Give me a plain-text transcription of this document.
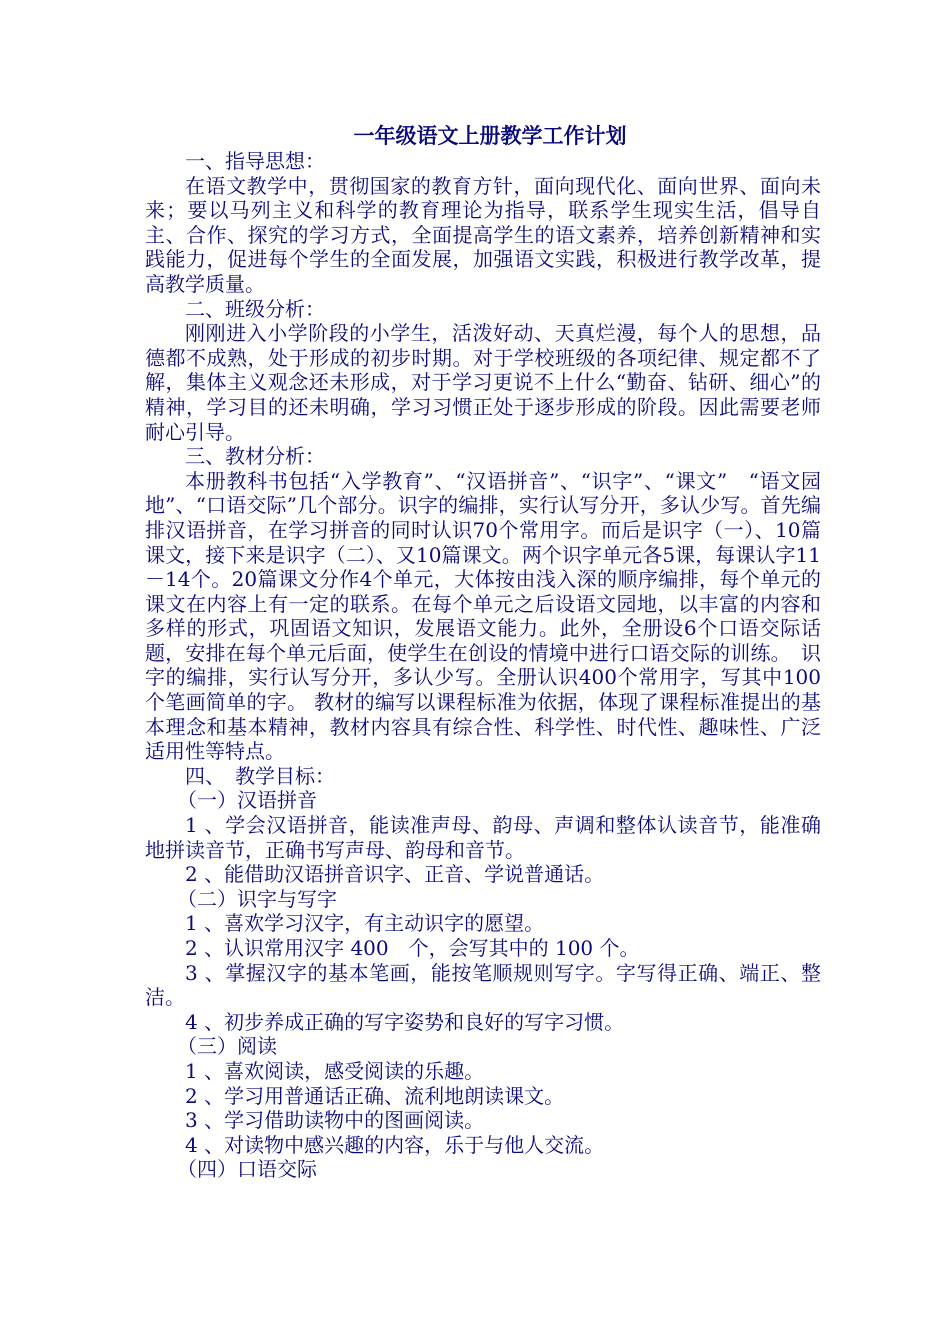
一年级语文上册教学工作计划

一、指导思想：

在语文教学中，贯彻国家的教育方针，面向现代化、面向世界、面向未来；要以马列主义和科学的教育理论为指导，联系学生现实生活，倡导自主、合作、探究的学习方式，全面提高学生的语文素养，培养创新精神和实践能力，促进每个学生的全面发展，加强语文实践，积极进行教学改革，提高教学质量。

二、班级分析：

刚刚进入小学阶段的小学生，活泼好动、天真烂漫，每个人的思想，品德都不成熟，处于形成的初步时期。对于学校班级的各项纪律、规定都不了解，集体主义观念还未形成，对于学习更说不上什么“勤奋、钻研、细心”的精神，学习目的还未明确，学习习惯正处于逐步形成的阶段。因此需要老师耐心引导。

三、教材分析：

本册教科书包括“入学教育”、“汉语拼音”、“识字”、“课文”　“语文园地”、“口语交际”几个部分。识字的编排，实行认写分开，多认少写。首先编排汉语拼音，在学习拼音的同时认识70个常用字。而后是识字（一）、10篇课文，接下来是识字（二）、又10篇课文。两个识字单元各5课，每课认字11－14个。20篇课文分作4个单元，大体按由浅入深的顺序编排，每个单元的课文在内容上有一定的联系。在每个单元之后设语文园地，以丰富的内容和多样的形式，巩固语文知识，发展语文能力。此外，全册设6个口语交际话题，安排在每个单元后面，使学生在创设的情境中进行口语交际的训练。　识字的编排，实行认写分开，多认少写。全册认识400个常用字，写其中100个笔画简单的字。 教材的编写以课程标准为依据，体现了课程标准提出的基本理念和基本精神，教材内容具有综合性、科学性、时代性、趣味性、广泛适用性等特点。

四、　教学目标：

（一）汉语拼音

1 、学会汉语拼音，能读准声母、韵母、声调和整体认读音节，能准确地拼读音节，正确书写声母、韵母和音节。

2 、能借助汉语拼音识字、正音、学说普通话。

（二）识字与写字

1 、喜欢学习汉字，有主动识字的愿望。

2 、认识常用汉字 400　个，会写其中的 100 个。

3 、掌握汉字的基本笔画，能按笔顺规则写字。字写得正确、端正、整洁。

4 、初步养成正确的写字姿势和良好的写字习惯。

（三）阅读

1 、喜欢阅读，感受阅读的乐趣。

2 、学习用普通话正确、流利地朗读课文。

3 、学习借助读物中的图画阅读。

4 、对读物中感兴趣的内容，乐于与他人交流。

（四）口语交际
